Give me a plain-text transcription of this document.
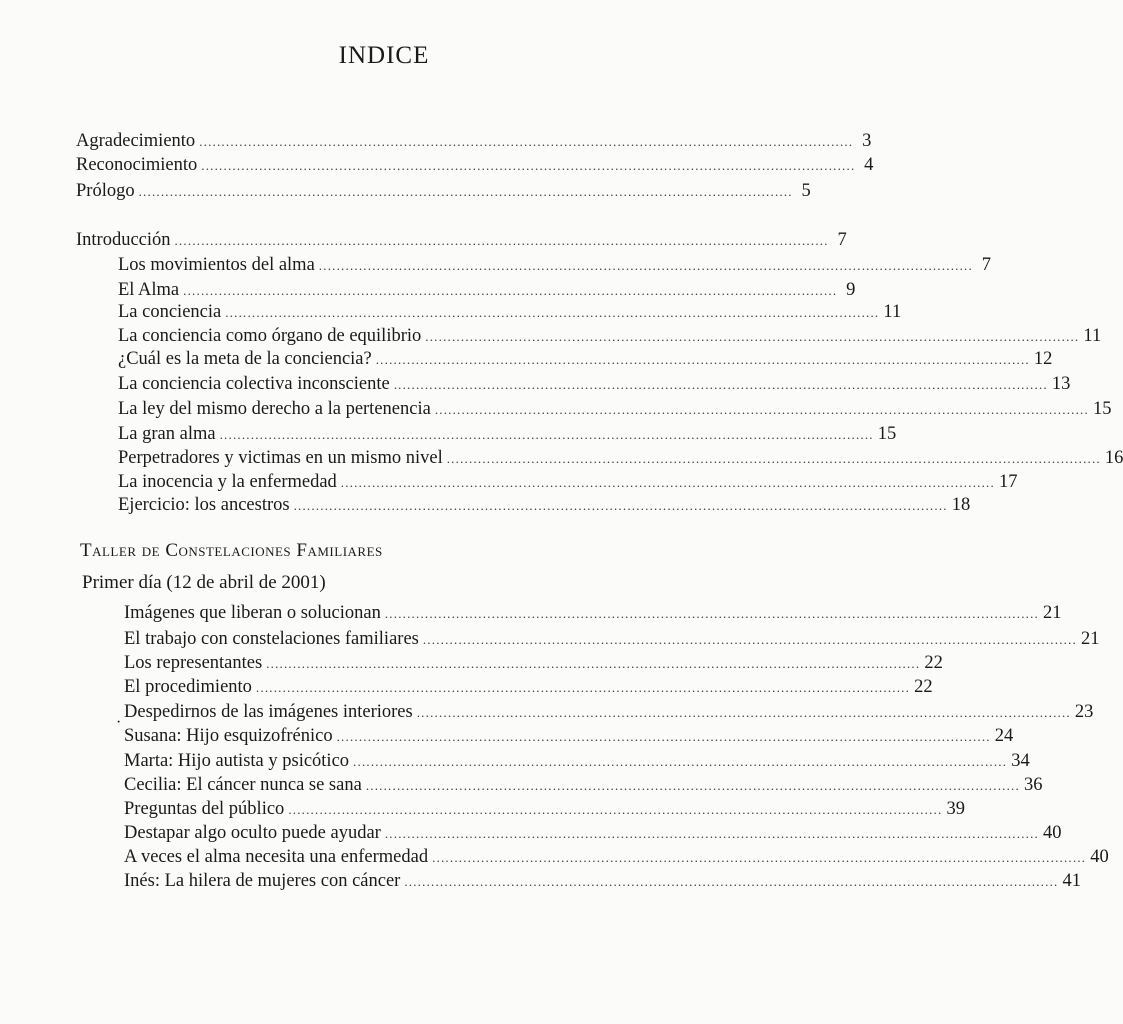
INDICE
Agradecimiento ................................................................................................................................................... 3
Reconocimiento ................................................................................................................................................... 4
Prólogo ................................................................................................................................................... 5
Introducción ................................................................................................................................................... 7
Los movimientos del alma ................................................................................................................................................... 7
El Alma ................................................................................................................................................... 9
La conciencia ................................................................................................................................................... 11
La conciencia como órgano de equilibrio ................................................................................................................................................... 11
¿Cuál es la meta de la conciencia? ................................................................................................................................................... 12
La conciencia colectiva inconsciente ................................................................................................................................................... 13
La ley del mismo derecho a la pertenencia ................................................................................................................................................... 15
La gran alma ................................................................................................................................................... 15
Perpetradores y victimas en un mismo nivel ................................................................................................................................................... 16
La inocencia y la enfermedad ................................................................................................................................................... 17
Ejercicio: los ancestros ................................................................................................................................................... 18
Taller de Constelaciones Familiares
Primer día (12 de abril de 2001)
Imágenes que liberan o solucionan ................................................................................................................................................... 21
El trabajo con constelaciones familiares ................................................................................................................................................... 21
Los representantes ................................................................................................................................................... 22
El procedimiento ................................................................................................................................................... 22
·
Despedirnos de las imágenes interiores ................................................................................................................................................... 23
Susana: Hijo esquizofrénico ................................................................................................................................................... 24
Marta: Hijo autista y psicótico ................................................................................................................................................... 34
Cecilia: El cáncer nunca se sana ................................................................................................................................................... 36
Preguntas del público ................................................................................................................................................... 39
Destapar algo oculto puede ayudar ................................................................................................................................................... 40
A veces el alma necesita una enfermedad ................................................................................................................................................... 40
Inés: La hilera de mujeres con cáncer ................................................................................................................................................... 41
